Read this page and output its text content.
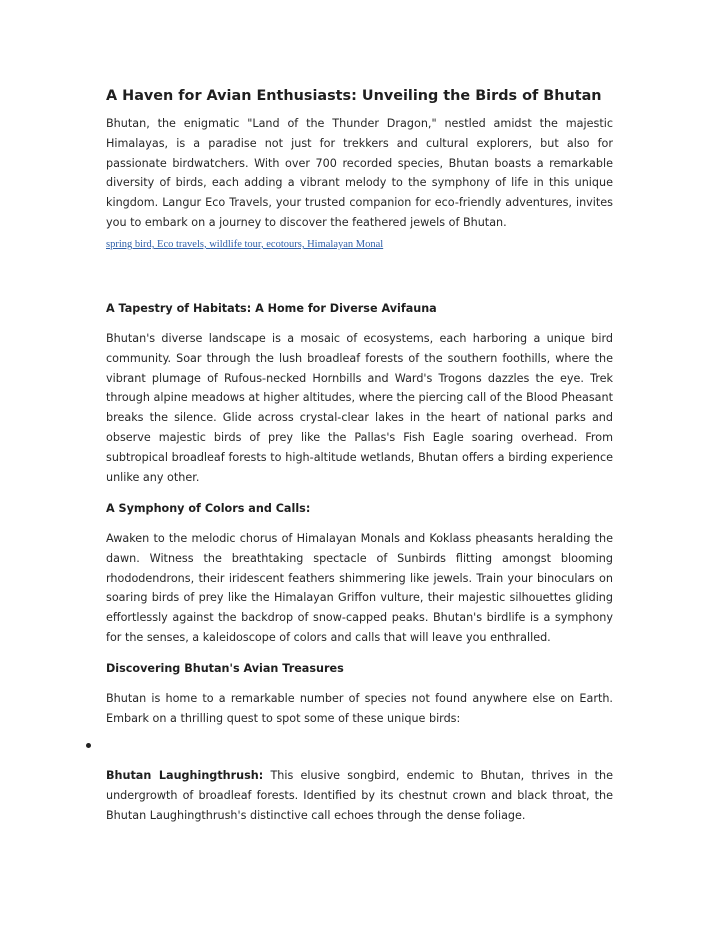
A Haven for Avian Enthusiasts: Unveiling the Birds of Bhutan

Bhutan, the enigmatic "Land of the Thunder Dragon," nestled amidst the majestic Himalayas, is a paradise not just for trekkers and cultural explorers, but also for passionate birdwatchers. With over 700 recorded species, Bhutan boasts a remarkable diversity of birds, each adding a vibrant melody to the symphony of life in this unique kingdom. Langur Eco Travels, your trusted companion for eco-friendly adventures, invites you to embark on a journey to discover the feathered jewels of Bhutan.

spring bird, Eco travels, wildlife tour, ecotours, Himalayan Monal
A Tapestry of Habitats: A Home for Diverse Avifauna

Bhutan's diverse landscape is a mosaic of ecosystems, each harboring a unique bird community. Soar through the lush broadleaf forests of the southern foothills, where the vibrant plumage of Rufous-necked Hornbills and Ward's Trogons dazzles the eye. Trek through alpine meadows at higher altitudes, where the piercing call of the Blood Pheasant breaks the silence. Glide across crystal-clear lakes in the heart of national parks and observe majestic birds of prey like the Pallas's Fish Eagle soaring overhead. From subtropical broadleaf forests to high-altitude wetlands, Bhutan offers a birding experience unlike any other.

A Symphony of Colors and Calls:

Awaken to the melodic chorus of Himalayan Monals and Koklass pheasants heralding the dawn. Witness the breathtaking spectacle of Sunbirds flitting amongst blooming rhododendrons, their iridescent feathers shimmering like jewels. Train your binoculars on soaring birds of prey like the Himalayan Griffon vulture, their majestic silhouettes gliding effortlessly against the backdrop of snow-capped peaks. Bhutan's birdlife is a symphony for the senses, a kaleidoscope of colors and calls that will leave you enthralled.

Discovering Bhutan's Avian Treasures

Bhutan is home to a remarkable number of species not found anywhere else on Earth. Embark on a thrilling quest to spot some of these unique birds:

Bhutan Laughingthrush: This elusive songbird, endemic to Bhutan, thrives in the undergrowth of broadleaf forests. Identified by its chestnut crown and black throat, the Bhutan Laughingthrush's distinctive call echoes through the dense foliage.
